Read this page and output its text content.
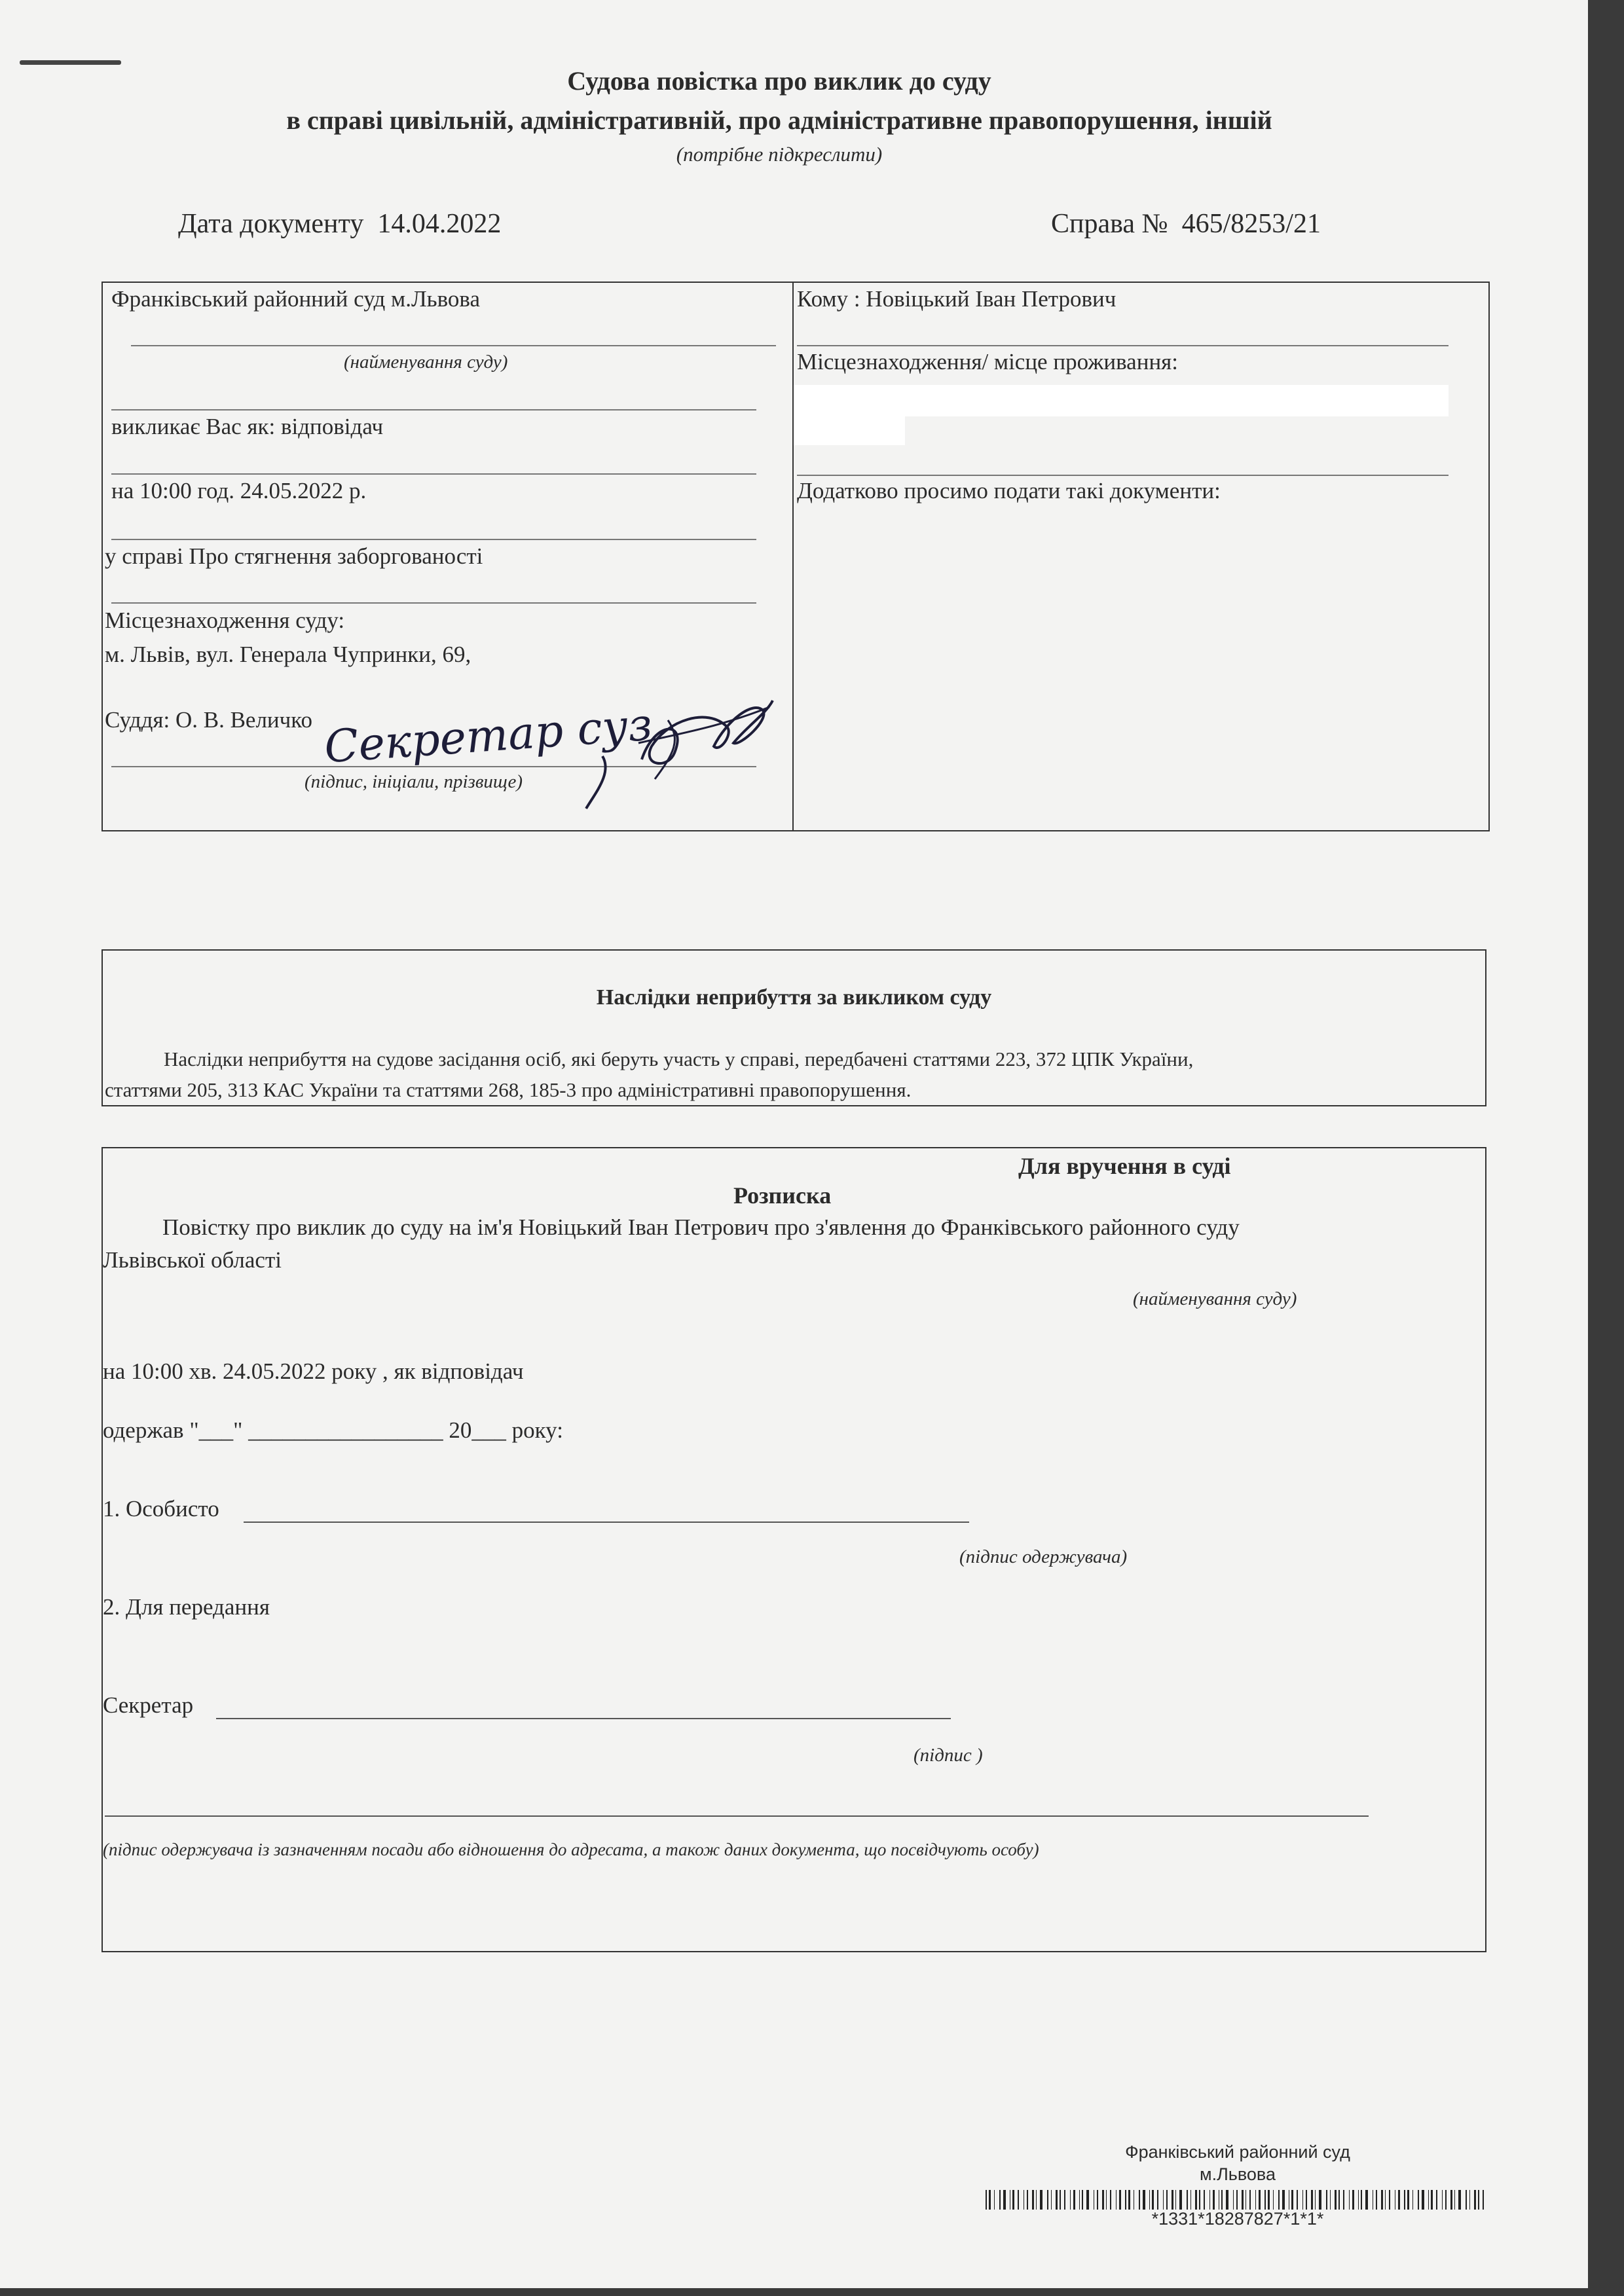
Судова повістка про виклик до суду
в справі цивільній, адміністративній, про адміністративне правопорушення, іншій
(потрібне підкреслити)
Дата документу 14.04.2022	Справа № 465/8253/21
Франківський районний суд м.Львова
(найменування суду)
викликає Вас як: відповідач
на 10:00 год. 24.05.2022 р.
у справі Про стягнення заборгованості
Місцезнаходження суду:
м. Львів, вул. Генерала Чупринки, 69,
Суддя: О. В. Величко
(підпис, ініціали, прізвище)
Секретар суз
Кому : Новіцький Іван Петрович
Місцезнаходження/ місце проживання:
Додатково просимо подати такі документи:
Наслідки неприбуття за викликом суду
Наслідки неприбуття на судове засідання осіб, які беруть участь у справі, передбачені статтями 223, 372 ЦПК України,
статтями 205, 313 КАС України та статтями 268, 185-3 про адміністративні правопорушення.
Для вручення в суді
Розписка
Повістку про виклик до суду на ім'я Новіцький Іван Петрович про з'явлення до Франківського районного суду
Львівської області
(найменування суду)
на 10:00 хв. 24.05.2022 року , як відповідач
одержав "___" _________________ 20___ року:
1. Особисто
(підпис одержувача)
2. Для передання
Секретар
(підпис )
(підпис одержувача із зазначенням посади або відношення до адресата, а також даних документа, що посвідчують особу)
Франківський районний суд
м.Львова
*1331*18287827*1*1*
